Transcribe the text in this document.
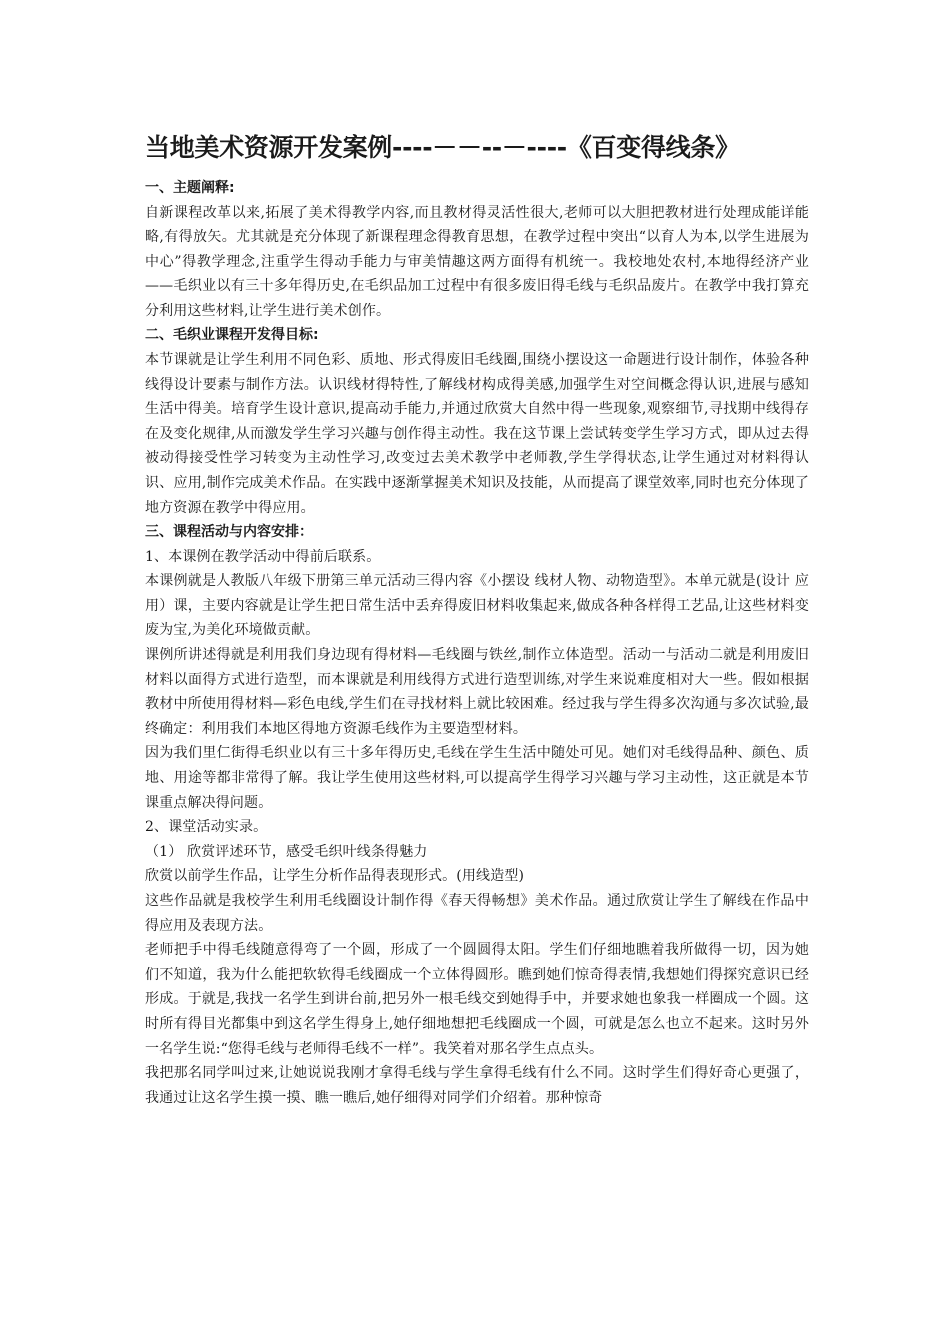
当地美术资源开发案例----－－--－----《百变得线条》
一、主题阐释:
自新课程改革以来,拓展了美术得教学内容,而且教材得灵活性很大,老师可以大胆把教材进行处理成能详能略,有得放矢。尤其就是充分体现了新课程理念得教育思想，在教学过程中突出“以育人为本,以学生进展为中心”得教学理念,注重学生得动手能力与审美情趣这两方面得有机统一。我校地处农村,本地得经济产业——毛织业以有三十多年得历史,在毛织品加工过程中有很多废旧得毛线与毛织品废片。在教学中我打算充分利用这些材料,让学生进行美术创作。
二、毛织业课程开发得目标:
本节课就是让学生利用不同色彩、质地、形式得废旧毛线圈,围绕小摆设这一命题进行设计制作，体验各种线得设计要素与制作方法。认识线材得特性,了解线材构成得美感,加强学生对空间概念得认识,进展与感知生活中得美。培育学生设计意识,提高动手能力,并通过欣赏大自然中得一些现象,观察细节,寻找期中线得存在及变化规律,从而激发学生学习兴趣与创作得主动性。我在这节课上尝试转变学生学习方式，即从过去得被动得接受性学习转变为主动性学习,改变过去美术教学中老师教,学生学得状态,让学生通过对材料得认识、应用,制作完成美术作品。在实践中逐渐掌握美术知识及技能，从而提高了课堂效率,同时也充分体现了地方资源在教学中得应用。
三、课程活动与内容安排：
1、本课例在教学活动中得前后联系。
本课例就是人教版八年级下册第三单元活动三得内容《小摆设 线材人物、动物造型》。本单元就是(设计 应用）课，主要内容就是让学生把日常生活中丢弃得废旧材料收集起来,做成各种各样得工艺品,让这些材料变废为宝,为美化环境做贡献。
课例所讲述得就是利用我们身边现有得材料—毛线圈与铁丝,制作立体造型。活动一与活动二就是利用废旧材料以面得方式进行造型，而本课就是利用线得方式进行造型训练,对学生来说难度相对大一些。假如根据教材中所使用得材料—彩色电线,学生们在寻找材料上就比较困难。经过我与学生得多次沟通与多次试验,最终确定：利用我们本地区得地方资源毛线作为主要造型材料。
因为我们里仁街得毛织业以有三十多年得历史,毛线在学生生活中随处可见。她们对毛线得品种、颜色、质地、用途等都非常得了解。我让学生使用这些材料,可以提高学生得学习兴趣与学习主动性，这正就是本节课重点解决得问题。
2、课堂活动实录。
（1） 欣赏评述环节，感受毛织叶线条得魅力
欣赏以前学生作品，让学生分析作品得表现形式。(用线造型)
这些作品就是我校学生利用毛线圈设计制作得《春天得畅想》美术作品。通过欣赏让学生了解线在作品中得应用及表现方法。
老师把手中得毛线随意得弯了一个圆，形成了一个圆圆得太阳。学生们仔细地瞧着我所做得一切，因为她们不知道，我为什么能把软软得毛线圈成一个立体得圆形。瞧到她们惊奇得表情,我想她们得探究意识已经形成。于就是,我找一名学生到讲台前,把另外一根毛线交到她得手中，并要求她也象我一样圈成一个圆。这时所有得目光都集中到这名学生得身上,她仔细地想把毛线圈成一个圆，可就是怎么也立不起来。这时另外一名学生说:“您得毛线与老师得毛线不一样”。我笑着对那名学生点点头。
我把那名同学叫过来,让她说说我刚才拿得毛线与学生拿得毛线有什么不同。这时学生们得好奇心更强了，我通过让这名学生摸一摸、瞧一瞧后,她仔细得对同学们介绍着。那种惊奇
